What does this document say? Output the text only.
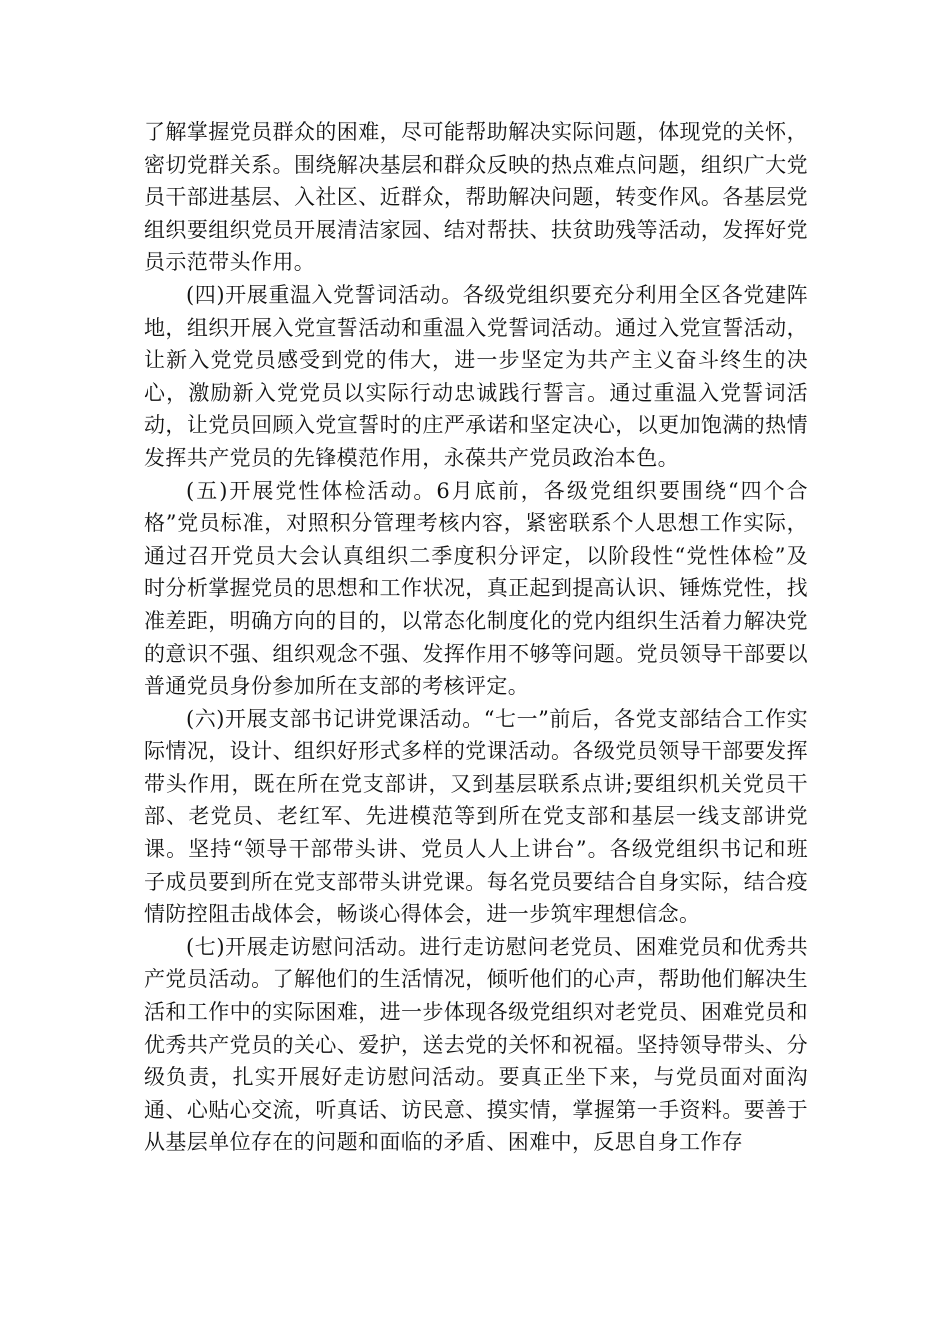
了解掌握党员群众的困难，尽可能帮助解决实际问题，体现党的关怀，密切党群关系。围绕解决基层和群众反映的热点难点问题，组织广大党员干部进基层、入社区、近群众，帮助解决问题，转变作风。各基层党组织要组织党员开展清洁家园、结对帮扶、扶贫助残等活动，发挥好党员示范带头作用。

(四)开展重温入党誓词活动。各级党组织要充分利用全区各党建阵地，组织开展入党宣誓活动和重温入党誓词活动。通过入党宣誓活动，让新入党党员感受到党的伟大，进一步坚定为共产主义奋斗终生的决心，激励新入党党员以实际行动忠诚践行誓言。通过重温入党誓词活动，让党员回顾入党宣誓时的庄严承诺和坚定决心，以更加饱满的热情发挥共产党员的先锋模范作用，永葆共产党员政治本色。

(五)开展党性体检活动。6月底前，各级党组织要围绕“四个合格”党员标准，对照积分管理考核内容，紧密联系个人思想工作实际，通过召开党员大会认真组织二季度积分评定，以阶段性“党性体检”及时分析掌握党员的思想和工作状况，真正起到提高认识、锤炼党性，找准差距，明确方向的目的，以常态化制度化的党内组织生活着力解决党的意识不强、组织观念不强、发挥作用不够等问题。党员领导干部要以普通党员身份参加所在支部的考核评定。

(六)开展支部书记讲党课活动。“七一”前后，各党支部结合工作实际情况，设计、组织好形式多样的党课活动。各级党员领导干部要发挥带头作用，既在所在党支部讲，又到基层联系点讲;要组织机关党员干部、老党员、老红军、先进模范等到所在党支部和基层一线支部讲党课。坚持“领导干部带头讲、党员人人上讲台”。各级党组织书记和班子成员要到所在党支部带头讲党课。每名党员要结合自身实际，结合疫情防控阻击战体会，畅谈心得体会，进一步筑牢理想信念。

(七)开展走访慰问活动。进行走访慰问老党员、困难党员和优秀共产党员活动。了解他们的生活情况，倾听他们的心声，帮助他们解决生活和工作中的实际困难，进一步体现各级党组织对老党员、困难党员和优秀共产党员的关心、爱护，送去党的关怀和祝福。坚持领导带头、分级负责，扎实开展好走访慰问活动。要真正坐下来，与党员面对面沟通、心贴心交流，听真话、访民意、摸实情，掌握第一手资料。要善于从基层单位存在的问题和面临的矛盾、困难中，反思自身工作存
